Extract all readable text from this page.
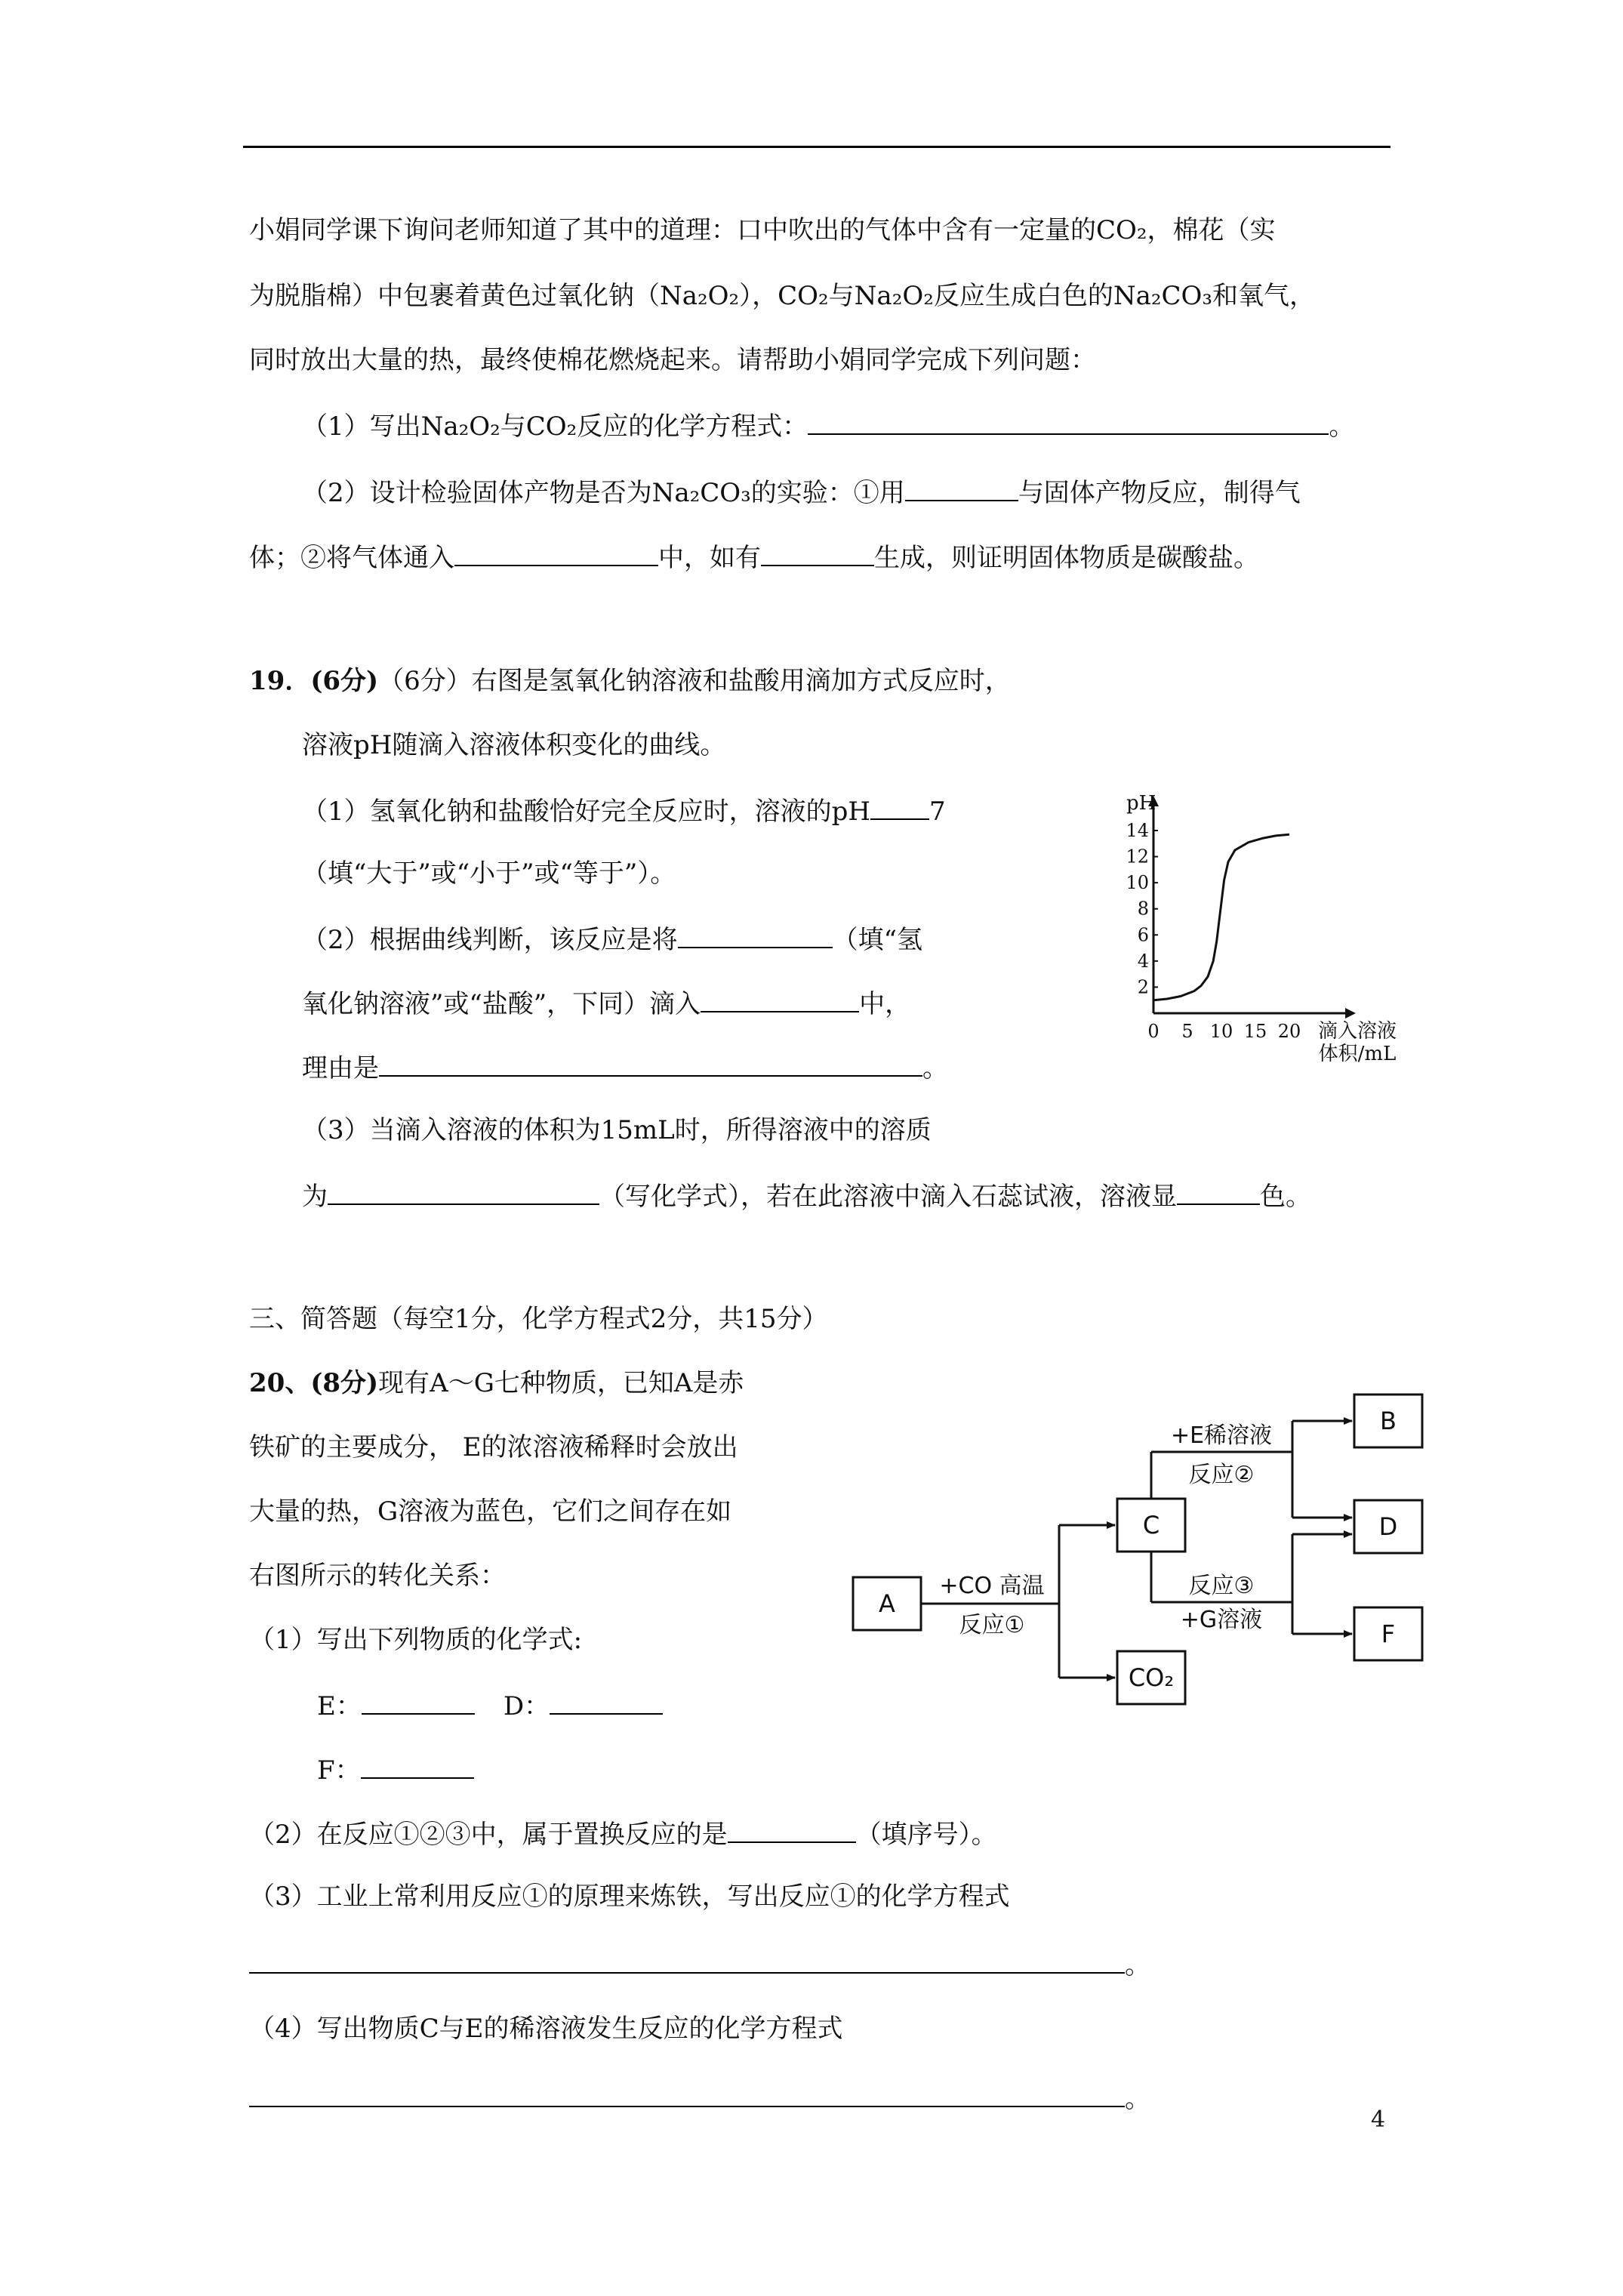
小娟同学课下询问老师知道了其中的道理：口中吹出的气体中含有一定量的CO₂，棉花（实
为脱脂棉）中包裹着黄色过氧化钠（Na₂O₂），CO₂与Na₂O₂反应生成白色的Na₂CO₃和氧气，
同时放出大量的热，最终使棉花燃烧起来。请帮助小娟同学完成下列问题：
（1）写出Na₂O₂与CO₂反应的化学方程式：	。
（2）设计检验固体产物是否为Na₂CO₃的实验：①用	与固体产物反应，制得气
体；②将气体通入	中，如有	生成，则证明固体物质是碳酸盐。
19．(6分)（6分）右图是氢氧化钠溶液和盐酸用滴加方式反应时，
溶液pH随滴入溶液体积变化的曲线。
（1）氢氧化钠和盐酸恰好完全反应时，溶液的pH 7
（填“大于”或“小于”或“等于”）。
（2）根据曲线判断，该反应是将	（填“氢
氧化钠溶液”或“盐酸”，下同）滴入	中，
理由是	。
（3）当滴入溶液的体积为15mL时，所得溶液中的溶质
为	（写化学式），若在此溶液中滴入石蕊试液，溶液显	色。
pH
2
4
6
8
10
12
14
0 5 10 15 20 滴入溶液
体积/mL
三、简答题（每空1分，化学方程式2分，共15分）
20、(8分)现有A～G七种物质，已知A是赤
铁矿的主要成分， E的浓溶液稀释时会放出
大量的热，G溶液为蓝色，它们之间存在如
右图所示的转化关系：
（1）写出下列物质的化学式:
E：	D：
F：
（2）在反应①②③中，属于置换反应的是	（填序号）。
（3）工业上常利用反应①的原理来炼铁，写出反应①的化学方程式
。
（4）写出物质C与E的稀溶液发生反应的化学方程式
。
A
C
CO₂
B
D
F
+CO 高温
反应①
+E稀溶液
反应②
反应③
+G溶液
4
